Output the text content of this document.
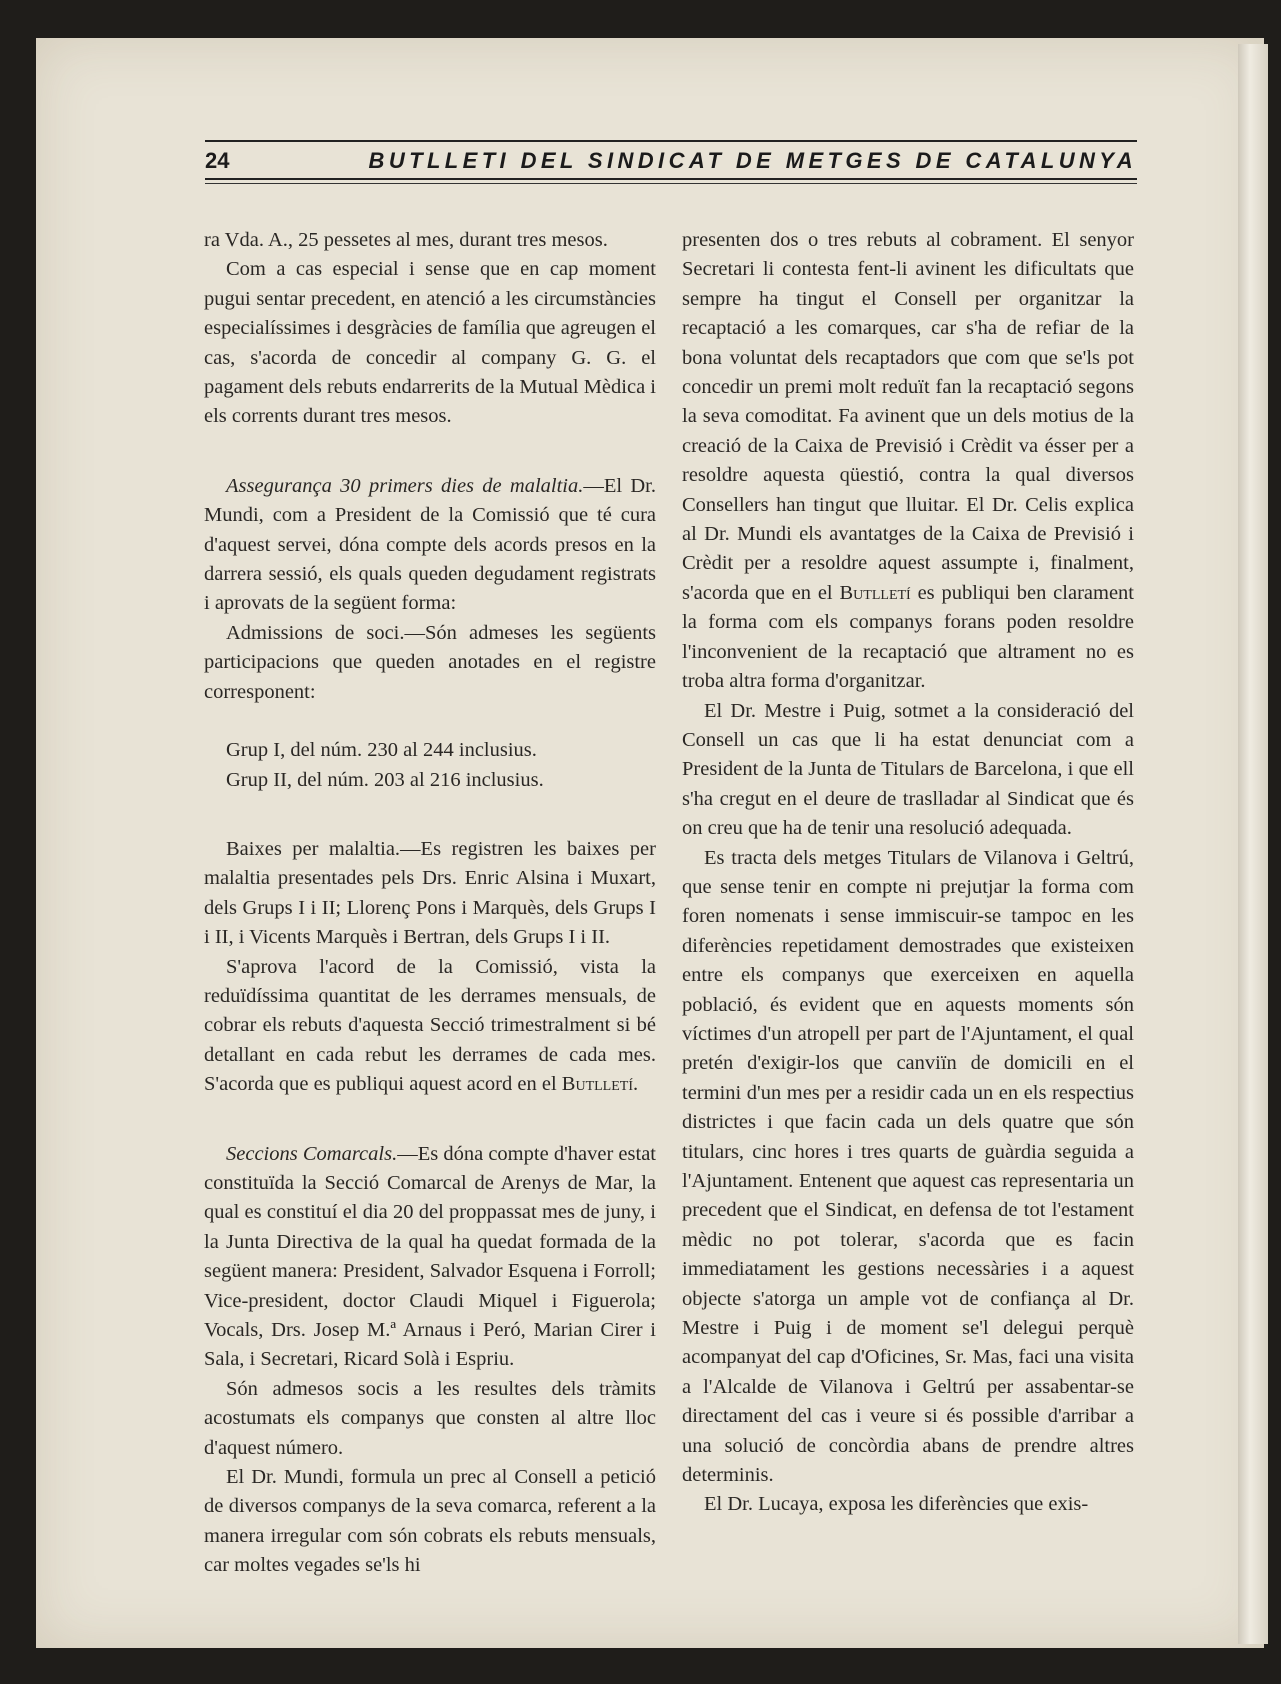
24	BUTLLETI DEL SINDICAT DE METGES DE CATALUNYA

ra Vda. A., 25 pessetes al mes, durant tres mesos.

Com a cas especial i sense que en cap moment pugui sentar precedent, en atenció a les circumstàncies especialíssimes i desgràcies de família que agreugen el cas, s'acorda de concedir al company G. G. el pagament dels rebuts endarrerits de la Mutual Mèdica i els corrents durant tres mesos.

Assegurança 30 primers dies de malaltia.—El Dr. Mundi, com a President de la Comissió que té cura d'aquest servei, dóna compte dels acords presos en la darrera sessió, els quals queden degudament registrats i aprovats de la següent forma:

Admissions de soci.—Són admeses les següents participacions que queden anotades en el registre corresponent:

Grup I, del núm. 230 al 244 inclusius.
Grup II, del núm. 203 al 216 inclusius.

Baixes per malaltia.—Es registren les baixes per malaltia presentades pels Drs. Enric Alsina i Muxart, dels Grups I i II; Llorenç Pons i Marquès, dels Grups I i II, i Vicents Marquès i Bertran, dels Grups I i II.

S'aprova l'acord de la Comissió, vista la reduïdíssima quantitat de les derrames mensuals, de cobrar els rebuts d'aquesta Secció trimestralment si bé detallant en cada rebut les derrames de cada mes. S'acorda que es publiqui aquest acord en el Butlletí.

Seccions Comarcals.—Es dóna compte d'haver estat constituïda la Secció Comarcal de Arenys de Mar, la qual es constituí el dia 20 del proppassat mes de juny, i la Junta Directiva de la qual ha quedat formada de la següent manera: President, Salvador Esquena i Forroll; Vice-president, doctor Claudi Miquel i Figuerola; Vocals, Drs. Josep M.ª Arnaus i Peró, Marian Cirer i Sala, i Secretari, Ricard Solà i Espriu.

Són admesos socis a les resultes dels tràmits acostumats els companys que consten al altre lloc d'aquest número.

El Dr. Mundi, formula un prec al Consell a petició de diversos companys de la seva comarca, referent a la manera irregular com són cobrats els rebuts mensuals, car moltes vegades se'ls hi

presenten dos o tres rebuts al cobrament. El senyor Secretari li contesta fent-li avinent les dificultats que sempre ha tingut el Consell per organitzar la recaptació a les comarques, car s'ha de refiar de la bona voluntat dels recaptadors que com que se'ls pot concedir un premi molt reduït fan la recaptació segons la seva comoditat. Fa avinent que un dels motius de la creació de la Caixa de Previsió i Crèdit va ésser per a resoldre aquesta qüestió, contra la qual diversos Consellers han tingut que lluitar. El Dr. Celis explica al Dr. Mundi els avantatges de la Caixa de Previsió i Crèdit per a resoldre aquest assumpte i, finalment, s'acorda que en el Butlletí es publiqui ben clarament la forma com els companys forans poden resoldre l'inconvenient de la recaptació que altrament no es troba altra forma d'organitzar.

El Dr. Mestre i Puig, sotmet a la consideració del Consell un cas que li ha estat denunciat com a President de la Junta de Titulars de Barcelona, i que ell s'ha cregut en el deure de traslladar al Sindicat que és on creu que ha de tenir una resolució adequada.

Es tracta dels metges Titulars de Vilanova i Geltrú, que sense tenir en compte ni prejutjar la forma com foren nomenats i sense immiscuir-se tampoc en les diferències repetidament demostrades que existeixen entre els companys que exerceixen en aquella població, és evident que en aquests moments són víctimes d'un atropell per part de l'Ajuntament, el qual pretén d'exigir-los que canviïn de domicili en el termini d'un mes per a residir cada un en els respectius districtes i que facin cada un dels quatre que són titulars, cinc hores i tres quarts de guàrdia seguida a l'Ajuntament. Entenent que aquest cas representaria un precedent que el Sindicat, en defensa de tot l'estament mèdic no pot tolerar, s'acorda que es facin immediatament les gestions necessàries i a aquest objecte s'atorga un ample vot de confiança al Dr. Mestre i Puig i de moment se'l delegui perquè acompanyat del cap d'Oficines, Sr. Mas, faci una visita a l'Alcalde de Vilanova i Geltrú per assabentar-se directament del cas i veure si és possible d'arribar a una solució de concòrdia abans de prendre altres determinis.

El Dr. Lucaya, exposa les diferències que exis-
